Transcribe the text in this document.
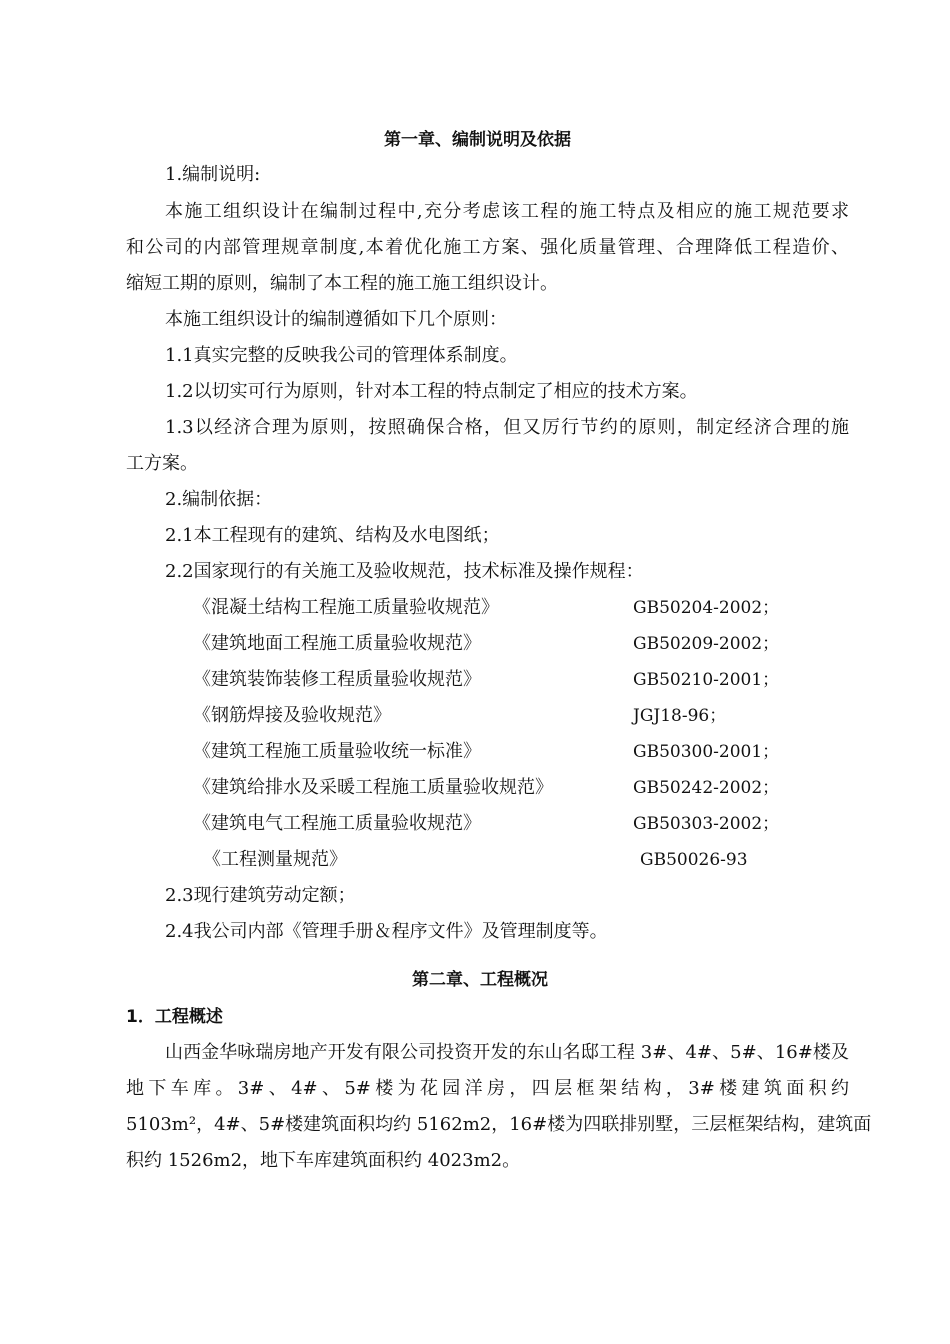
第一章、编制说明及依据
1.编制说明:
本施工组织设计在编制过程中,充分考虑该工程的施工特点及相应的施工规范要求
和公司的内部管理规章制度,本着优化施工方案、强化质量管理、合理降低工程造价、
缩短工期的原则，编制了本工程的施工施工组织设计。
本施工组织设计的编制遵循如下几个原则：
1.1真实完整的反映我公司的管理体系制度。
1.2以切实可行为原则，针对本工程的特点制定了相应的技术方案。
1.3以经济合理为原则，按照确保合格，但又厉行节约的原则，制定经济合理的施
工方案。
2.编制依据：
2.1本工程现有的建筑、结构及水电图纸；
2.2国家现行的有关施工及验收规范，技术标准及操作规程：
《混凝土结构工程施工质量验收规范》	GB50204-2002；
《建筑地面工程施工质量验收规范》	GB50209-2002；
《建筑装饰装修工程质量验收规范》	GB50210-2001；
《钢筋焊接及验收规范》	JGJ18-96；
《建筑工程施工质量验收统一标准》	GB50300-2001；
《建筑给排水及采暖工程施工质量验收规范》	GB50242-2002；
《建筑电气工程施工质量验收规范》	GB50303-2002；
《工程测量规范》	GB50026-93
2.3现行建筑劳动定额；
2.4我公司内部《管理手册＆程序文件》及管理制度等。
第二章、工程概况
1．工程概述
山西金华咏瑞房地产开发有限公司投资开发的东山名邸工程 3#、4#、5#、16#楼及
地下车库。3#、4#、5#楼为花园洋房，四层框架结构，3#楼建筑面积约
5103m²，4#、5#楼建筑面积均约 5162m2，16#楼为四联排别墅，三层框架结构，建筑面
积约 1526m2，地下车库建筑面积约 4023m2。
